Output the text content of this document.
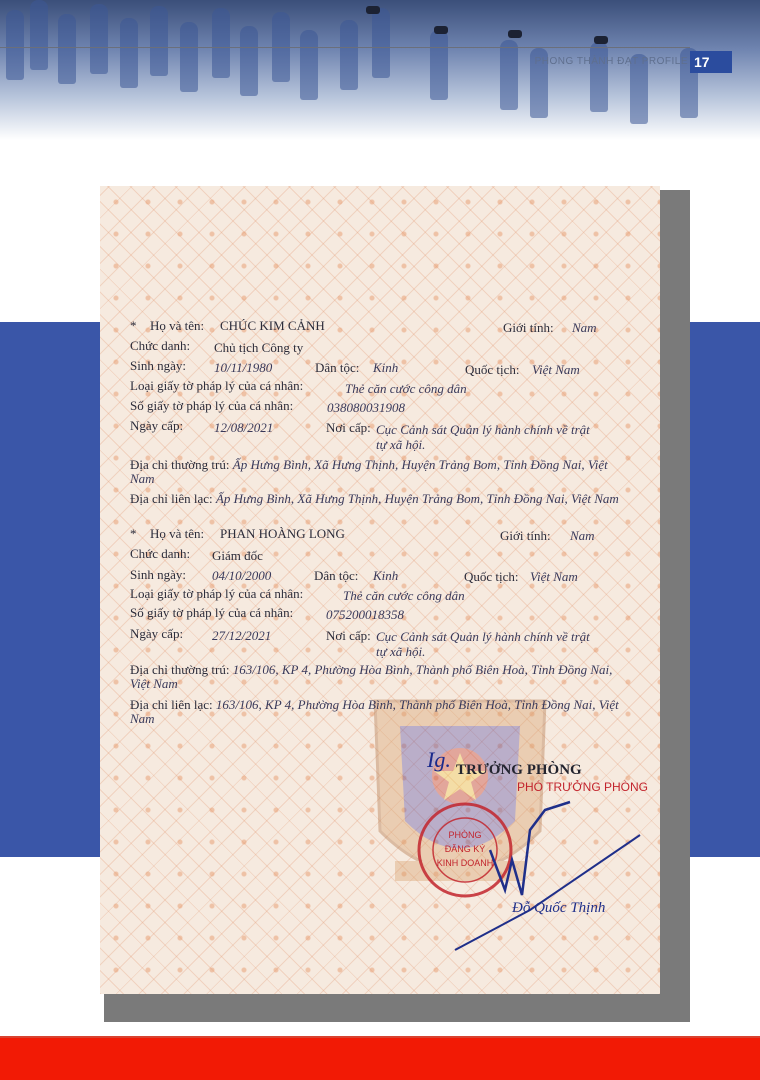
PHONG THÀNH ĐẠT PROFILE 17
* Họ và tên: CHÚC KIM CẢNH	Giới tính: Nam
Chức danh: Chủ tịch Công ty
Sinh ngày: 10/11/1980	Dân tộc: Kinh	Quốc tịch: Việt Nam
Loại giấy tờ pháp lý của cá nhân:	Thẻ căn cước công dân
Số giấy tờ pháp lý của cá nhân:	038080031908
Ngày cấp: 12/08/2021	Nơi cấp: Cục Cảnh sát Quản lý hành chính về trật
tự xã hội.
Địa chỉ thường trú: Ấp Hưng Bình, Xã Hưng Thịnh, Huyện Trảng Bom, Tỉnh Đồng Nai, Việt Nam
Địa chỉ liên lạc: Ấp Hưng Bình, Xã Hưng Thịnh, Huyện Trảng Bom, Tỉnh Đồng Nai, Việt Nam
* Họ và tên: PHAN HOÀNG LONG	Giới tính: Nam
Chức danh: Giám đốc
Sinh ngày: 04/10/2000	Dân tộc: Kinh	Quốc tịch: Việt Nam
Loại giấy tờ pháp lý của cá nhân:	Thẻ căn cước công dân
Số giấy tờ pháp lý của cá nhân:	075200018358
Ngày cấp: 27/12/2021	Nơi cấp: Cục Cảnh sát Quản lý hành chính về trật
tự xã hội.
Địa chỉ thường trú: 163/106, KP 4, Phường Hòa Bình, Thành phố Biên Hoà, Tỉnh Đồng Nai, Việt Nam
Địa chỉ liên lạc: 163/106, KP 4, Phường Hòa Bình, Thành phố Biên Hoà, Tỉnh Đồng Nai, Việt Nam
Ig. TRƯỞNG PHÒNG
PHÓ TRƯỞNG PHÒNG
PHÒNG
ĐĂNG KÝ
KINH DOANH
Đỗ Quốc Thịnh
